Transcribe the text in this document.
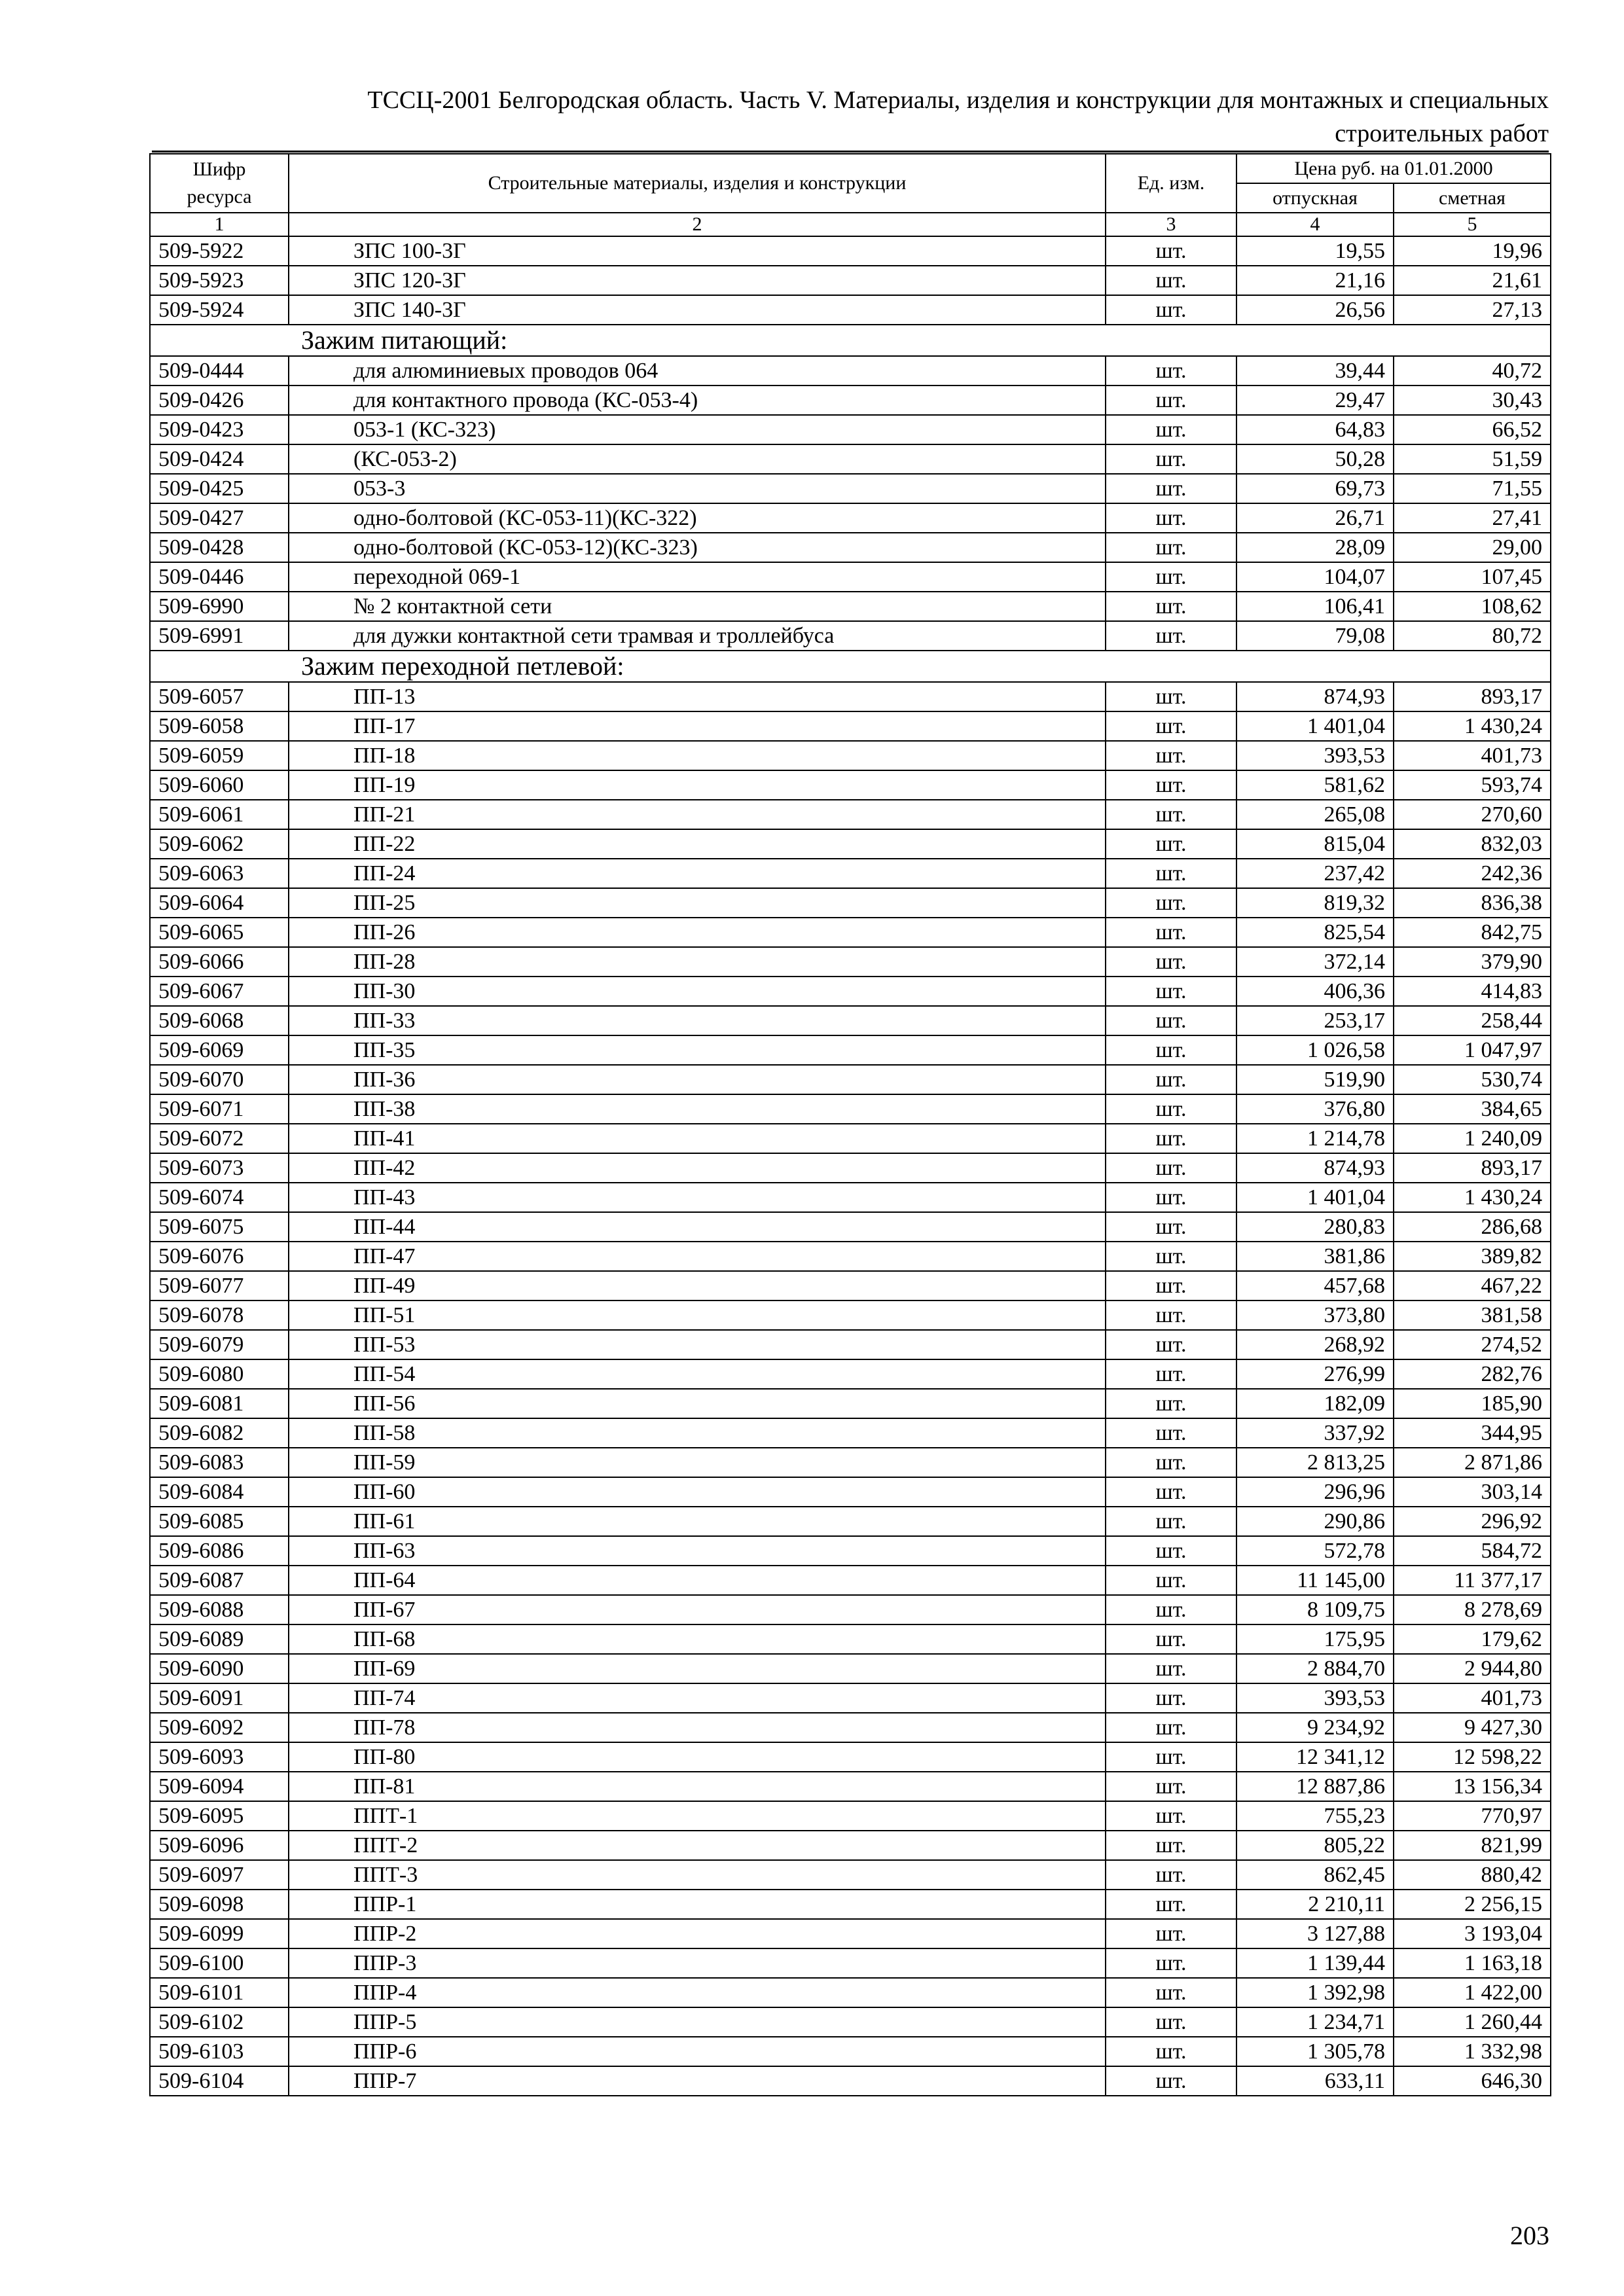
ТССЦ-2001 Белгородская область. Часть V. Материалы, изделия и конструкции для монтажных и специальных
строительных работ
Шифр ресурса	Строительные материалы, изделия и конструкции	Ед. изм.	Цена руб. на 01.01.2000	
			отпускная	сметная
1	2	3	4	5
509-5922	ЗПС 100-3Г	шт.	19,55	19,96
509-5923	ЗПС 120-3Г	шт.	21,16	21,61
509-5924	ЗПС 140-3Г	шт.	26,56	27,13
Зажим питающий:				
509-0444	для алюминиевых проводов 064	шт.	39,44	40,72
509-0426	для контактного провода (КС-053-4)	шт.	29,47	30,43
509-0423	053-1 (КС-323)	шт.	64,83	66,52
509-0424	(КС-053-2)	шт.	50,28	51,59
509-0425	053-3	шт.	69,73	71,55
509-0427	одно-болтовой (КС-053-11)(КС-322)	шт.	26,71	27,41
509-0428	одно-болтовой (КС-053-12)(КС-323)	шт.	28,09	29,00
509-0446	переходной 069-1	шт.	104,07	107,45
509-6990	№ 2 контактной сети	шт.	106,41	108,62
509-6991	для дужки контактной сети трамвая и троллейбуса	шт.	79,08	80,72
Зажим переходной петлевой:				
509-6057	ПП-13	шт.	874,93	893,17
509-6058	ПП-17	шт.	1 401,04	1 430,24
509-6059	ПП-18	шт.	393,53	401,73
509-6060	ПП-19	шт.	581,62	593,74
509-6061	ПП-21	шт.	265,08	270,60
509-6062	ПП-22	шт.	815,04	832,03
509-6063	ПП-24	шт.	237,42	242,36
509-6064	ПП-25	шт.	819,32	836,38
509-6065	ПП-26	шт.	825,54	842,75
509-6066	ПП-28	шт.	372,14	379,90
509-6067	ПП-30	шт.	406,36	414,83
509-6068	ПП-33	шт.	253,17	258,44
509-6069	ПП-35	шт.	1 026,58	1 047,97
509-6070	ПП-36	шт.	519,90	530,74
509-6071	ПП-38	шт.	376,80	384,65
509-6072	ПП-41	шт.	1 214,78	1 240,09
509-6073	ПП-42	шт.	874,93	893,17
509-6074	ПП-43	шт.	1 401,04	1 430,24
509-6075	ПП-44	шт.	280,83	286,68
509-6076	ПП-47	шт.	381,86	389,82
509-6077	ПП-49	шт.	457,68	467,22
509-6078	ПП-51	шт.	373,80	381,58
509-6079	ПП-53	шт.	268,92	274,52
509-6080	ПП-54	шт.	276,99	282,76
509-6081	ПП-56	шт.	182,09	185,90
509-6082	ПП-58	шт.	337,92	344,95
509-6083	ПП-59	шт.	2 813,25	2 871,86
509-6084	ПП-60	шт.	296,96	303,14
509-6085	ПП-61	шт.	290,86	296,92
509-6086	ПП-63	шт.	572,78	584,72
509-6087	ПП-64	шт.	11 145,00	11 377,17
509-6088	ПП-67	шт.	8 109,75	8 278,69
509-6089	ПП-68	шт.	175,95	179,62
509-6090	ПП-69	шт.	2 884,70	2 944,80
509-6091	ПП-74	шт.	393,53	401,73
509-6092	ПП-78	шт.	9 234,92	9 427,30
509-6093	ПП-80	шт.	12 341,12	12 598,22
509-6094	ПП-81	шт.	12 887,86	13 156,34
509-6095	ППТ-1	шт.	755,23	770,97
509-6096	ППТ-2	шт.	805,22	821,99
509-6097	ППТ-3	шт.	862,45	880,42
509-6098	ППР-1	шт.	2 210,11	2 256,15
509-6099	ППР-2	шт.	3 127,88	3 193,04
509-6100	ППР-3	шт.	1 139,44	1 163,18
509-6101	ППР-4	шт.	1 392,98	1 422,00
509-6102	ППР-5	шт.	1 234,71	1 260,44
509-6103	ППР-6	шт.	1 305,78	1 332,98
509-6104	ППР-7	шт.	633,11	646,30
203
